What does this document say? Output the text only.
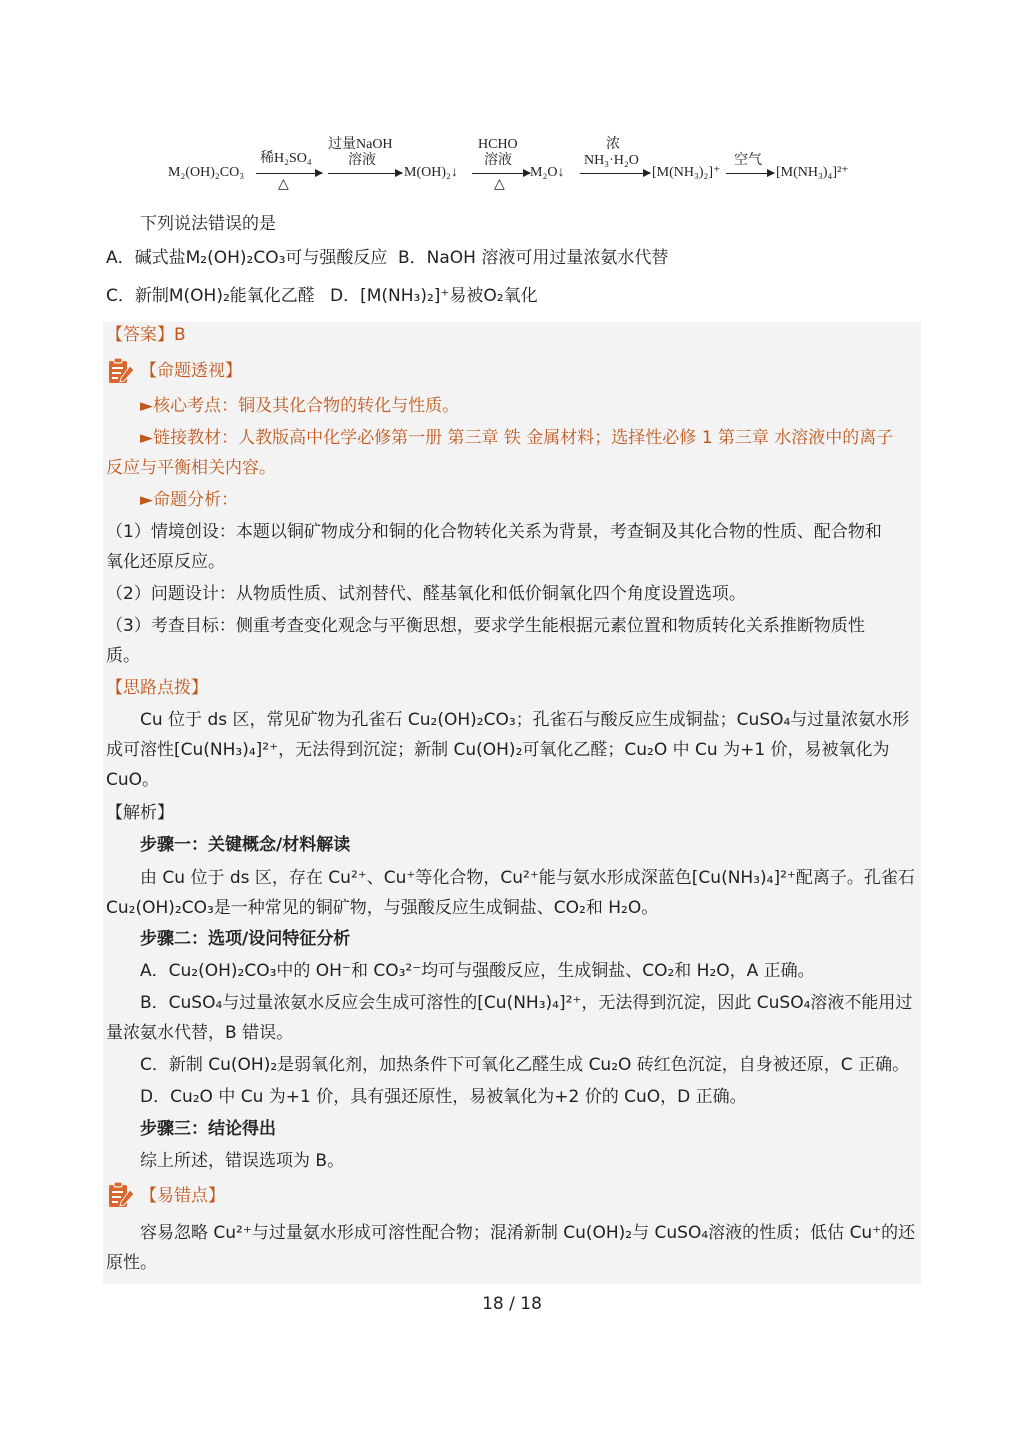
M₂(OH)₂CO₃
稀H₂SO₄
△
过量NaOH
溶液
M(OH)₂↓
HCHO
溶液
△
M₂O↓
浓
NH₃·H₂O
[M(NH₃)₂]⁺
空气
[M(NH₃)₄]²⁺
下列说法错误的是
A．碱式盐M₂(OH)₂CO₃可与强酸反应 B．NaOH 溶液可用过量浓氨水代替
C．新制M(OH)₂能氧化乙醛 D．[M(NH₃)₂]⁺易被O₂氧化
【答案】B
【命题透视】
►核心考点：铜及其化合物的转化与性质。
►链接教材：人教版高中化学必修第一册 第三章 铁 金属材料；选择性必修 1 第三章 水溶液中的离子
反应与平衡相关内容。
►命题分析：
（1）情境创设：本题以铜矿物成分和铜的化合物转化关系为背景，考查铜及其化合物的性质、配合物和
氧化还原反应。
（2）问题设计：从物质性质、试剂替代、醛基氧化和低价铜氧化四个角度设置选项。
（3）考查目标：侧重考查变化观念与平衡思想，要求学生能根据元素位置和物质转化关系推断物质性
质。
【思路点拨】
Cu 位于 ds 区，常见矿物为孔雀石 Cu₂(OH)₂CO₃；孔雀石与酸反应生成铜盐；CuSO₄与过量浓氨水形
成可溶性[Cu(NH₃)₄]²⁺，无法得到沉淀；新制 Cu(OH)₂可氧化乙醛；Cu₂O 中 Cu 为+1 价，易被氧化为
CuO。
【解析】
步骤一：关键概念/材料解读
由 Cu 位于 ds 区，存在 Cu²⁺、Cu⁺等化合物，Cu²⁺能与氨水形成深蓝色[Cu(NH₃)₄]²⁺配离子。孔雀石
Cu₂(OH)₂CO₃是一种常见的铜矿物，与强酸反应生成铜盐、CO₂和 H₂O。
步骤二：选项/设问特征分析
A．Cu₂(OH)₂CO₃中的 OH⁻和 CO₃²⁻均可与强酸反应，生成铜盐、CO₂和 H₂O，A 正确。
B．CuSO₄与过量浓氨水反应会生成可溶性的[Cu(NH₃)₄]²⁺，无法得到沉淀，因此 CuSO₄溶液不能用过
量浓氨水代替，B 错误。
C．新制 Cu(OH)₂是弱氧化剂，加热条件下可氧化乙醛生成 Cu₂O 砖红色沉淀，自身被还原，C 正确。
D．Cu₂O 中 Cu 为+1 价，具有强还原性，易被氧化为+2 价的 CuO，D 正确。
步骤三：结论得出
综上所述，错误选项为 B。
【易错点】
容易忽略 Cu²⁺与过量氨水形成可溶性配合物；混淆新制 Cu(OH)₂与 CuSO₄溶液的性质；低估 Cu⁺的还
原性。
18 / 18
